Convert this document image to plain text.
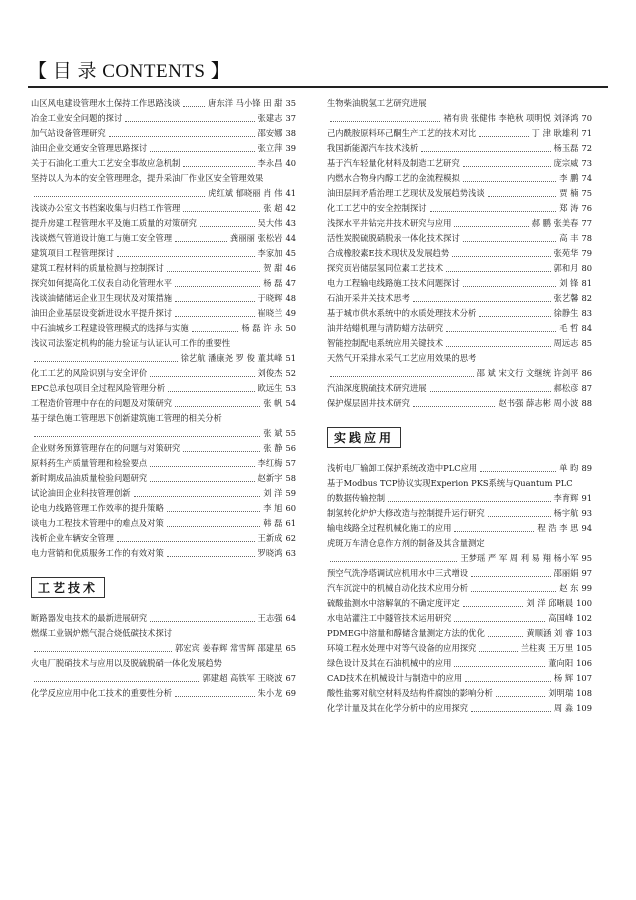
【 目 录 CONTENTS 】
山区风电建设管理水土保持工作思路浅谈	唐东洋 马小锋 田 甜 35
冶金工业安全问题的探讨	张建志 37
加气站设备管理研究	邵安娜 38
油田企业交通安全管理思路探讨	张立萍 39
关于石油化工重大工艺安全事故应急机制	李永昌 40
坚持以人为本的安全管理理念，提升采油厂作业区安全管理效果
虎红斌 郁晓丽 肖 伟 41
浅谈办公室文书档案收集与归档工作管理	张 超 42
提升房建工程管理水平及施工质量的对策研究	吴大伟 43
浅谈燃气管道设计施工与施工安全管理	龚丽丽 张松岩 44
建筑项目工程管理探讨	李家加 45
建筑工程材料的质量检测与控制探讨	贺 甜 46
探究如何提高化工仪表自动化管理水平	杨 磊 47
浅谈油储储运企业卫生现状及对策措施	于晓辉 48
油田企业基层设变新进设水平提升探讨	崔晓兰 49
中石油城乡工程建设管理模式的选择与实施	杨 磊 许 永 50
浅议司法鉴定机构的能力验证与认证认可工作的重要性
徐艺航 潘康尧 罗 俊 董其峰 51
化工工艺的风险识别与安全评价	刘俊杰 52
EPC总承包项目全过程风险管理分析	欧远生 53
工程造价管理中存在的问题及对策研究	张 帆 54
基于绿色施工管理思下创新建筑施工管理的相关分析
张 斌 55
企业财务预算管理存在的问题与对策研究	张 静 56
原料药生产质量管理和检验要点	李红梅 57
新时期成品油质量检验问题研究	赵新宇 58
试论油田企业科技管理创新	刘 洋 59
论电力线路管理工作效率的提升策略	李 旭 60
谈电力工程技术管理中的难点及对策	韩 磊 61
浅析企业车辆安全管理	王新成 62
电力营销和优质服务工作的有效对策	罗晓鸿 63
工艺技术
断路器发电技术的最新进展研究	王志强 64
燃煤工业锅炉燃气混合烧低碳技术探讨
郭宏宾 姜春辉 常雪辉 邵建星 65
火电厂脱硝技术与应用以及脱硫脱硝一体化发展趋势
郭建超 高铁军 王晓波 67
化学反应应用中化工技术的重要性分析	朱小龙 69
生物柴油脱氢工艺研究进展
褚有贵 张健伟 李艳秋 项明悦 刘泽鸿 70
己内酰胺原料环己酮生产工艺的技术对比	丁 津 耿雄利 71
我国新能源汽车技术浅析	杨玉磊 72
基于汽车轻量化材料及制造工艺研究	庞宗威 73
内燃水合物身内醇工艺的金流程模拟	李 鹏 74
油田层间矛盾治理工艺现状及发展趋势浅谈	贾 楠 75
化工工艺中的安全控制探讨	郑 涛 76
浅探水平井钻完井技术研究与应用	郝 鹏 张美春 77
活性炭脱硫脱硝脱汞一体化技术探讨	高 丰 78
合成橡胶素E技术现状及发展趋势	张苑华 79
探究页岩储层氢同位素工艺技术	郭和月 80
电力工程输电线路施工技术问题探讨	刘 锋 81
石油开采井关技术思考	张艺馨 82
基于城市供水系统中的水质处理技术分析	徐静生 83
油井结蜡机理与清防蜡方法研究	毛 哲 84
智能控制配电系统应用关键技术	周远志 85
天然气开采排水采气工艺应用效果的思考
邵 斌 宋文行 文继统 许剑平 86
汽油深度脱硫技术研究进展	郝松彦 87
保护煤层固井技术研究	赵书强 薛志彬 周小波 88
实践应用
浅析电厂输卸工保护系统改造中PLC应用	单 昀 89
基于Modbus TCP协议实现Experion PKS系统与Quantum PLC
的数据传输控制	李育辉 91
制氢转化炉炉大修改造与控制提升运行研究	杨宇航 93
输电线路全过程机械化施工的应用	程 浩 李 思 94
虎斑万车清仓息作方剂的制备及其含量测定
王梦瑶 严 军 周 利 易 翔 杨小军 95
预空气洗净塔调试应机用水中三式增设	邵丽娟 97
汽车沉淀中的机械自动化技术应用分析	赵 东 99
硫酸盐测水中溶解氧的不确定度评定	刘 洋 邱晰晨 100
水电站灌注工中隧管技术运用研究	高国峰 102
PDMEG中溶量和醇储含量测定方法的优化	黄顺涵 刘 睿 103
环境工程水处理中对等气设备的应用探究	兰柱爽 王万里 105
绿色设计及其在石油机械中的应用	董向阳 106
CAD技术在机械设计与制造中的应用	杨 辉 107
酸性盐雾对航空材料及结构件腐蚀的影响分析	刘明瑞 108
化学计量及其在化学分析中的应用探究	周 淼 109
